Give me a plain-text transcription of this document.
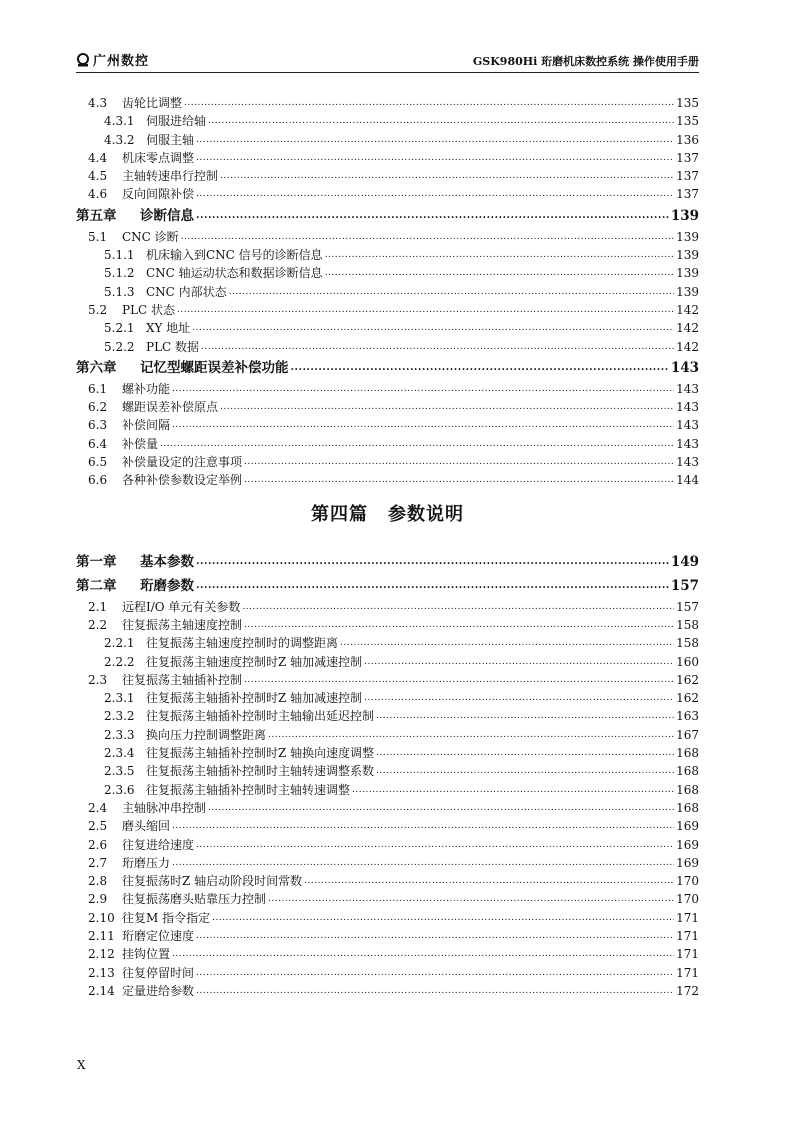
广州数控	GSK980Hi 珩磨机床数控系统 操作使用手册
4.3	齿轮比调整 .....	135
4.3.1 伺服进给轴 .....	135
4.3.2 伺服主轴 .....	136
4.4	机床零点调整 .....	137
4.5	主轴转速串行控制 .....	137
4.6	反向间隙补偿 .....	137
第五章	诊断信息 .....	139
5.1	CNC 诊断 .....	139
5.1.1 机床输入到CNC 信号的诊断信息 .....	139
5.1.2 CNC 轴运动状态和数据诊断信息 .....	139
5.1.3 CNC 内部状态 .....	139
5.2	PLC 状态 .....	142
5.2.1 XY 地址 .....	142
5.2.2 PLC 数据 .....	142
第六章	记忆型螺距误差补偿功能 .....	143
6.1	螺补功能 .....	143
6.2	螺距误差补偿原点 .....	143
6.3	补偿间隔 .....	143
6.4	补偿量 .....	143
6.5	补偿量设定的注意事项 .....	143
6.6	各种补偿参数设定举例 .....	144
第四篇 参数说明
第一章	基本参数 .....	149
第二章	珩磨参数 .....	157
2.1	远程I/O 单元有关参数 .....	157
2.2	往复振荡主轴速度控制 .....	158
2.2.1 往复振荡主轴速度控制时的调整距离 .....	158
2.2.2 往复振荡主轴速度控制时Z 轴加减速控制 .....	160
2.3	往复振荡主轴插补控制 .....	162
2.3.1 往复振荡主轴插补控制时Z 轴加减速控制 .....	162
2.3.2 往复振荡主轴插补控制时主轴输出延迟控制 .....	163
2.3.3 换向压力控制调整距离 .....	167
2.3.4 往复振荡主轴插补控制时Z 轴换向速度调整 .....	168
2.3.5 往复振荡主轴插补控制时主轴转速调整系数 .....	168
2.3.6 往复振荡主轴插补控制时主轴转速调整 .....	168
2.4	主轴脉冲串控制 .....	168
2.5	磨头缩回 .....	169
2.6	往复进给速度 .....	169
2.7	珩磨压力 .....	169
2.8	往复振荡时Z 轴启动阶段时间常数 .....	170
2.9	往复振荡磨头贴靠压力控制 .....	170
2.10 往复M 指令指定 .....	171
2.11 珩磨定位速度 .....	171
2.12 挂钩位置 .....	171
2.13 往复停留时间 .....	171
2.14 定量进给参数 .....	172
X
